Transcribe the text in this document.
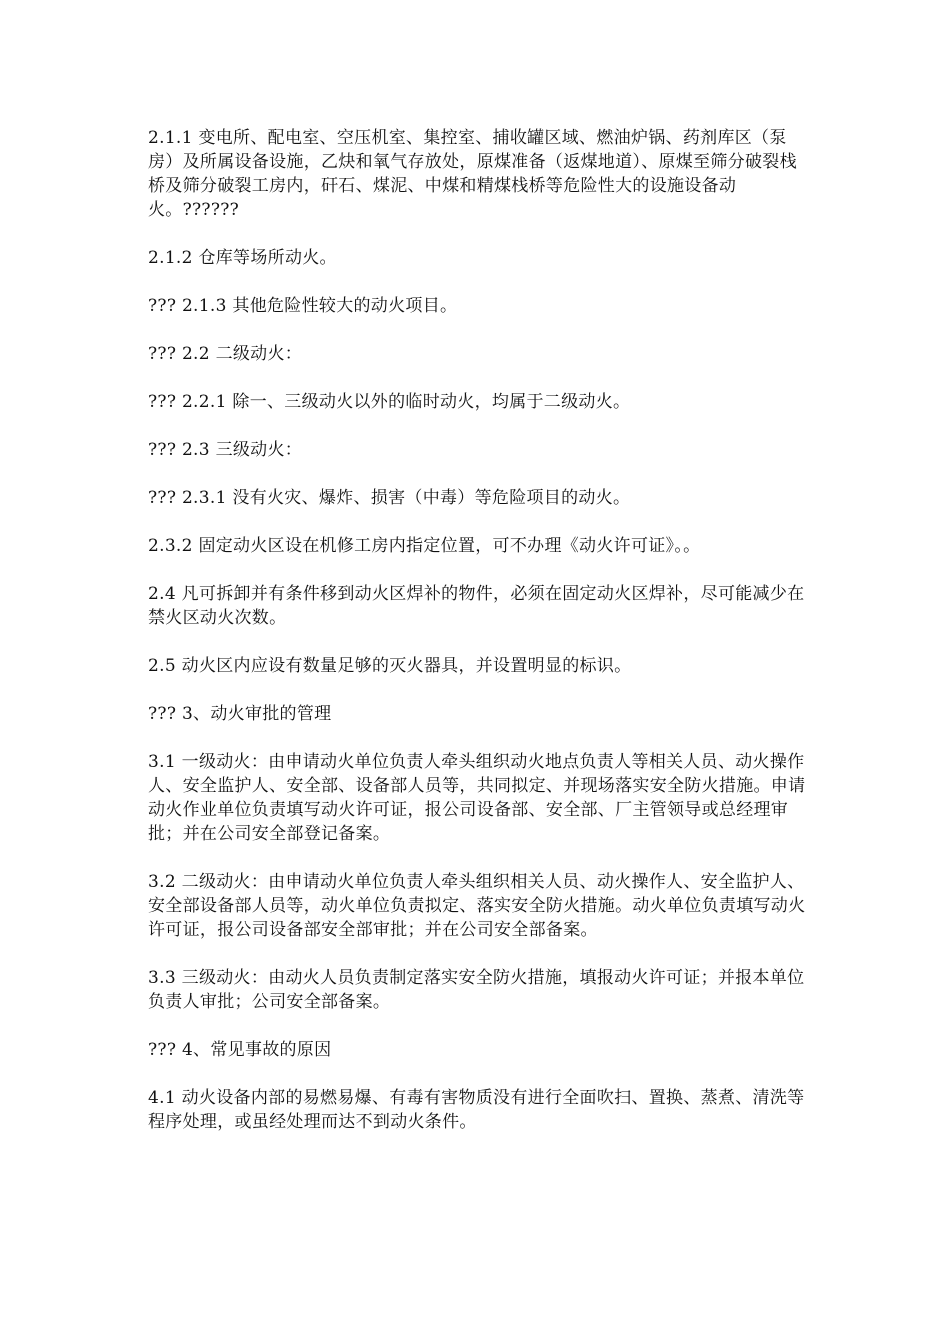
2.1.1 变电所、配电室、空压机室、集控室、捕收罐区域、燃油炉锅、药剂库区（泵房）及所属设备设施，乙炔和氧气存放处，原煤准备（返煤地道）、原煤至筛分破裂栈桥及筛分破裂工房内，矸石、煤泥、中煤和精煤栈桥等危险性大的设施设备动火。??????

2.1.2 仓库等场所动火。

??? 2.1.3 其他危险性较大的动火项目。

??? 2.2 二级动火：

??? 2.2.1 除一、三级动火以外的临时动火，均属于二级动火。

??? 2.3 三级动火：

??? 2.3.1 没有火灾、爆炸、损害（中毒）等危险项目的动火。

2.3.2 固定动火区设在机修工房内指定位置，可不办理《动火许可证》。。

2.4 凡可拆卸并有条件移到动火区焊补的物件，必须在固定动火区焊补，尽可能减少在禁火区动火次数。

2.5 动火区内应设有数量足够的灭火器具，并设置明显的标识。

??? 3、动火审批的管理

3.1 一级动火：由申请动火单位负责人牵头组织动火地点负责人等相关人员、动火操作人、安全监护人、安全部、设备部人员等，共同拟定、并现场落实安全防火措施。申请动火作业单位负责填写动火许可证，报公司设备部、安全部、厂主管领导或总经理审批；并在公司安全部登记备案。

3.2 二级动火：由申请动火单位负责人牵头组织相关人员、动火操作人、安全监护人、安全部设备部人员等，动火单位负责拟定、落实安全防火措施。动火单位负责填写动火许可证，报公司设备部安全部审批；并在公司安全部备案。

3.3 三级动火：由动火人员负责制定落实安全防火措施，填报动火许可证；并报本单位负责人审批；公司安全部备案。

??? 4、常见事故的原因

4.1 动火设备内部的易燃易爆、有毒有害物质没有进行全面吹扫、置换、蒸煮、清洗等程序处理，或虽经处理而达不到动火条件。
